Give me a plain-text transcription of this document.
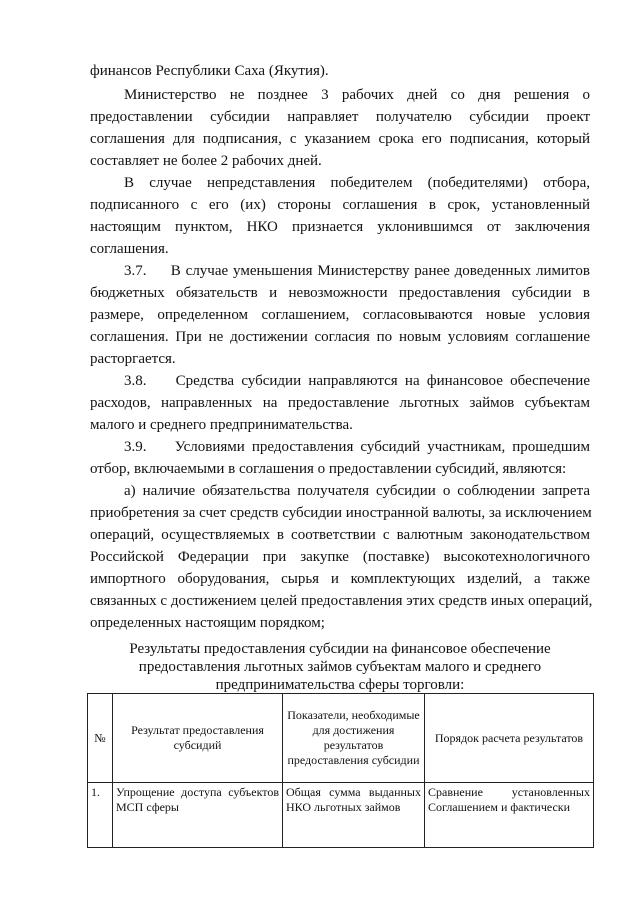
финансов Республики Саха (Якутия).
Министерство не позднее 3 рабочих дней со дня решения о
предоставлении субсидии направляет получателю субсидии проект
соглашения для подписания, с указанием срока его подписания, который
составляет не более 2 рабочих дней.
В случае непредставления победителем (победителями) отбора,
подписанного с его (их) стороны соглашения в срок, установленный
настоящим пунктом, НКО признается уклонившимся от заключения
соглашения.
3.7.     В случае уменьшения Министерству ранее доведенных лимитов
бюджетных обязательств и невозможности предоставления субсидии в
размере, определенном соглашением, согласовываются новые условия
соглашения. При не достижении согласия по новым условиям соглашение
расторгается.
3.8.    Средства субсидии направляются на финансовое обеспечение
расходов, направленных на предоставление льготных займов субъектам
малого и среднего предпринимательства.
3.9.    Условиями предоставления субсидий участникам, прошедшим
отбор, включаемыми в соглашения о предоставлении субсидий, являются:
а) наличие обязательства получателя субсидии о соблюдении запрета
приобретения за счет средств субсидии иностранной валюты, за исключением
операций, осуществляемых в соответствии с валютным законодательством
Российской Федерации при закупке (поставке) высокотехнологичного
импортного оборудования, сырья и комплектующих изделий, а также
связанных с достижением целей предоставления этих средств иных операций,
определенных настоящим порядком;
Результаты предоставления субсидии на финансовое обеспечение
предоставления льготных займов субъектам малого и среднего
предпринимательства сферы торговли:
№	Результат предоставления субсидий	Показатели, необходимые для достижения результатов предоставления субсидии	Порядок расчета результатов
1.	Упрощение доступа субъектов МСП сферы	Общая сумма выданных НКО льготных займов	Сравнение установленных Соглашением и фактически
